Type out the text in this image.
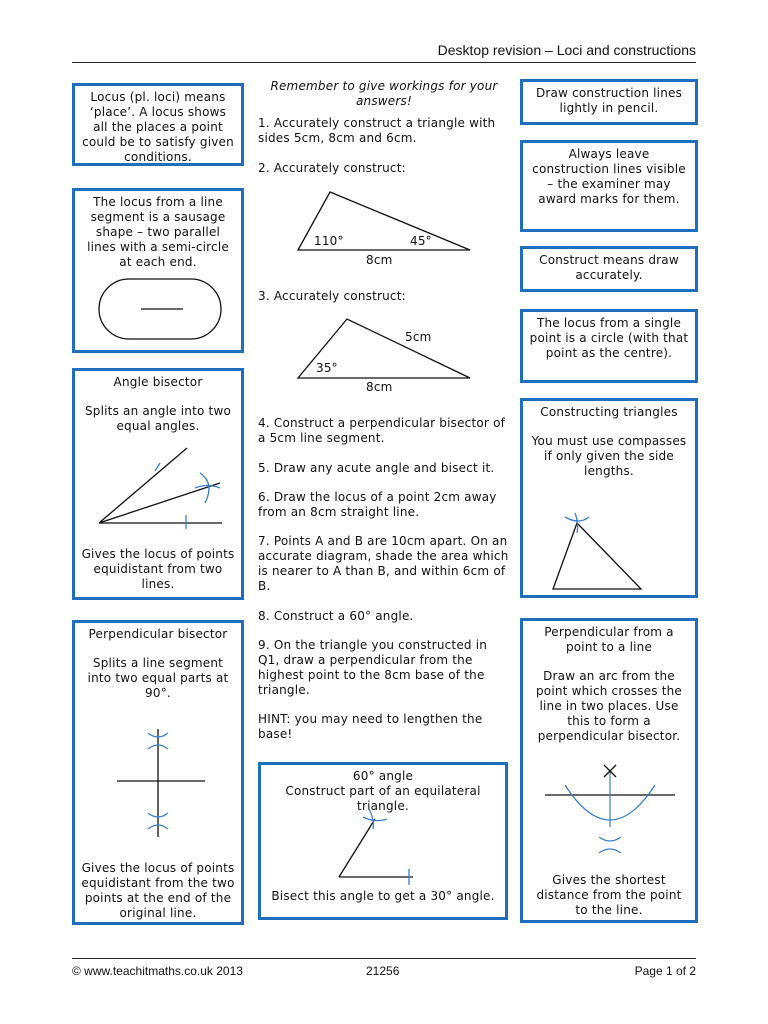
Desktop revision – Loci and constructions

Locus (pl. loci) means ‘place’. A locus shows all the places a point could be to satisfy given conditions.

The locus from a line segment is a sausage shape – two parallel lines with a semi-circle at each end.

Angle bisector

Splits an angle into two equal angles.

Gives the locus of points equidistant from two lines.

Perpendicular bisector

Splits a line segment into two equal parts at 90°.

Gives the locus of points equidistant from the two points at the end of the original line.

Remember to give workings for your answers!
1. Accurately construct a triangle with sides 5cm, 8cm and 6cm.
2. Accurately construct:
110°	45°
8cm
3. Accurately construct:
5cm
35°
8cm
4. Construct a perpendicular bisector of a 5cm line segment.
5. Draw any acute angle and bisect it.
6. Draw the locus of a point 2cm away from an 8cm straight line.
7. Points A and B are 10cm apart. On an accurate diagram, shade the area which is nearer to A than B, and within 6cm of B.
8. Construct a 60° angle.
9. On the triangle you constructed in Q1, draw a perpendicular from the highest point to the 8cm base of the triangle.
HINT: you may need to lengthen the base!

60° angle

Construct part of an equilateral triangle.

Bisect this angle to get a 30° angle.

Draw construction lines lightly in pencil.

Always leave construction lines visible – the examiner may award marks for them.

Construct means draw accurately.

The locus from a single point is a circle (with that point as the centre).

Constructing triangles

You must use compasses if only given the side lengths.

Perpendicular from a point to a line

Draw an arc from the point which crosses the line in two places. Use this to form a perpendicular bisector.

Gives the shortest distance from the point to the line.

© www.teachitmaths.co.uk 2013	21256	Page 1 of 2
